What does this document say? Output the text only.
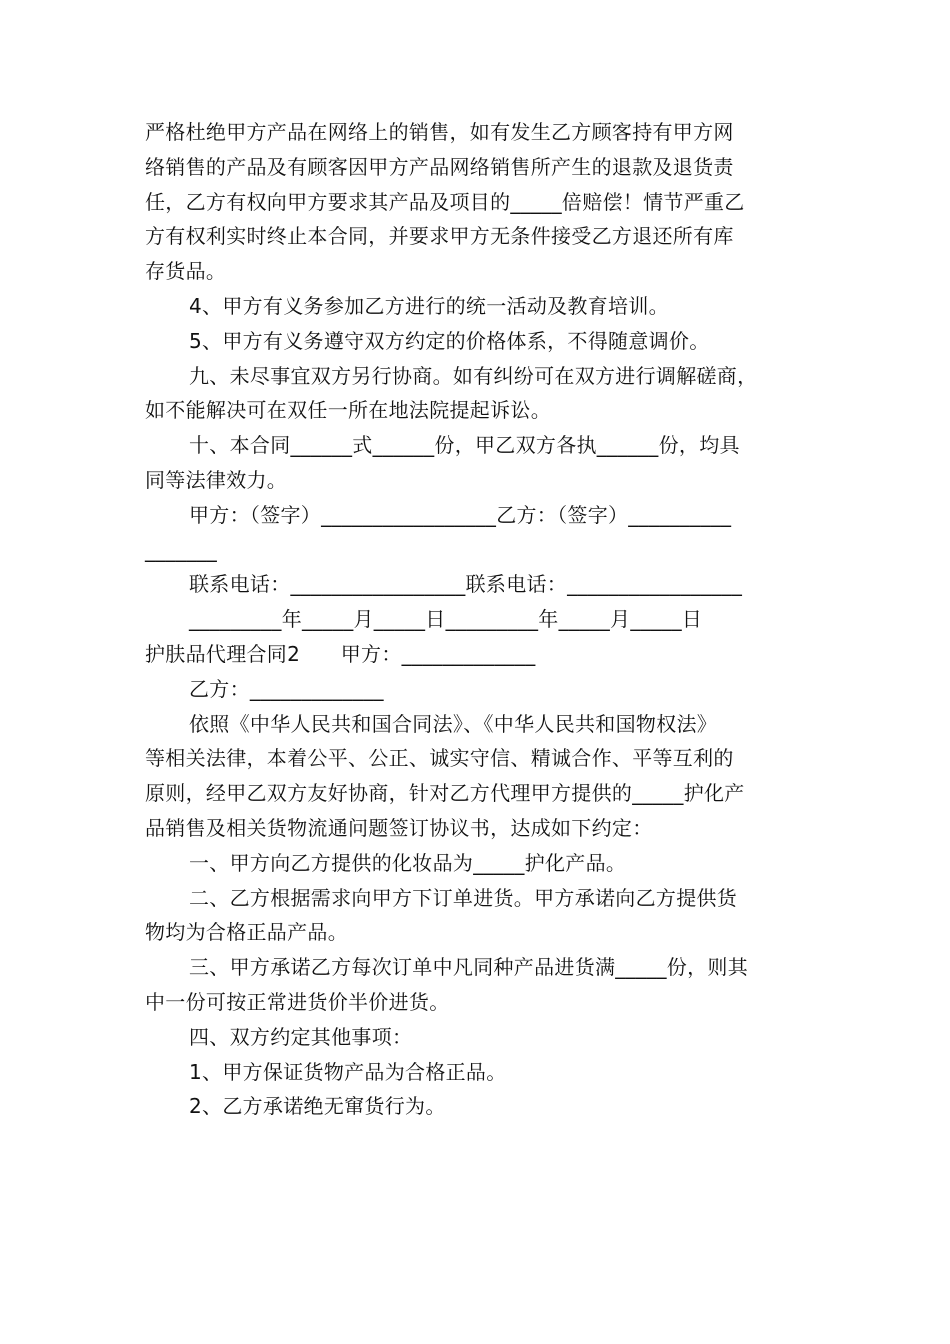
严格杜绝甲方产品在网络上的销售，如有发生乙方顾客持有甲方网
络销售的产品及有顾客因甲方产品网络销售所产生的退款及退货责
任，乙方有权向甲方要求其产品及项目的_____倍赔偿！情节严重乙
方有权利实时终止本合同，并要求甲方无条件接受乙方退还所有库
存货品。
4、甲方有义务参加乙方进行的统一活动及教育培训。
5、甲方有义务遵守双方约定的价格体系，不得随意调价。
九、未尽事宜双方另行协商。如有纠纷可在双方进行调解磋商，
如不能解决可在双任一所在地法院提起诉讼。
十、本合同______式______份，甲乙双方各执______份，均具
同等法律效力。
甲方：（签字）_________________乙方：（签字）__________
_______
联系电话：_________________联系电话：_________________
_________年_____月_____日_________年_____月_____日
护肤品代理合同2　　甲方：_____________
乙方：_____________
依照《中华人民共和国合同法》、《中华人民共和国物权法》
等相关法律，本着公平、公正、诚实守信、精诚合作、平等互利的
原则，经甲乙双方友好协商，针对乙方代理甲方提供的_____护化产
品销售及相关货物流通问题签订协议书，达成如下约定：
一、甲方向乙方提供的化妆品为_____护化产品。
二、乙方根据需求向甲方下订单进货。甲方承诺向乙方提供货
物均为合格正品产品。
三、甲方承诺乙方每次订单中凡同种产品进货满_____份，则其
中一份可按正常进货价半价进货。
四、双方约定其他事项：
1、甲方保证货物产品为合格正品。
2、乙方承诺绝无窜货行为。
